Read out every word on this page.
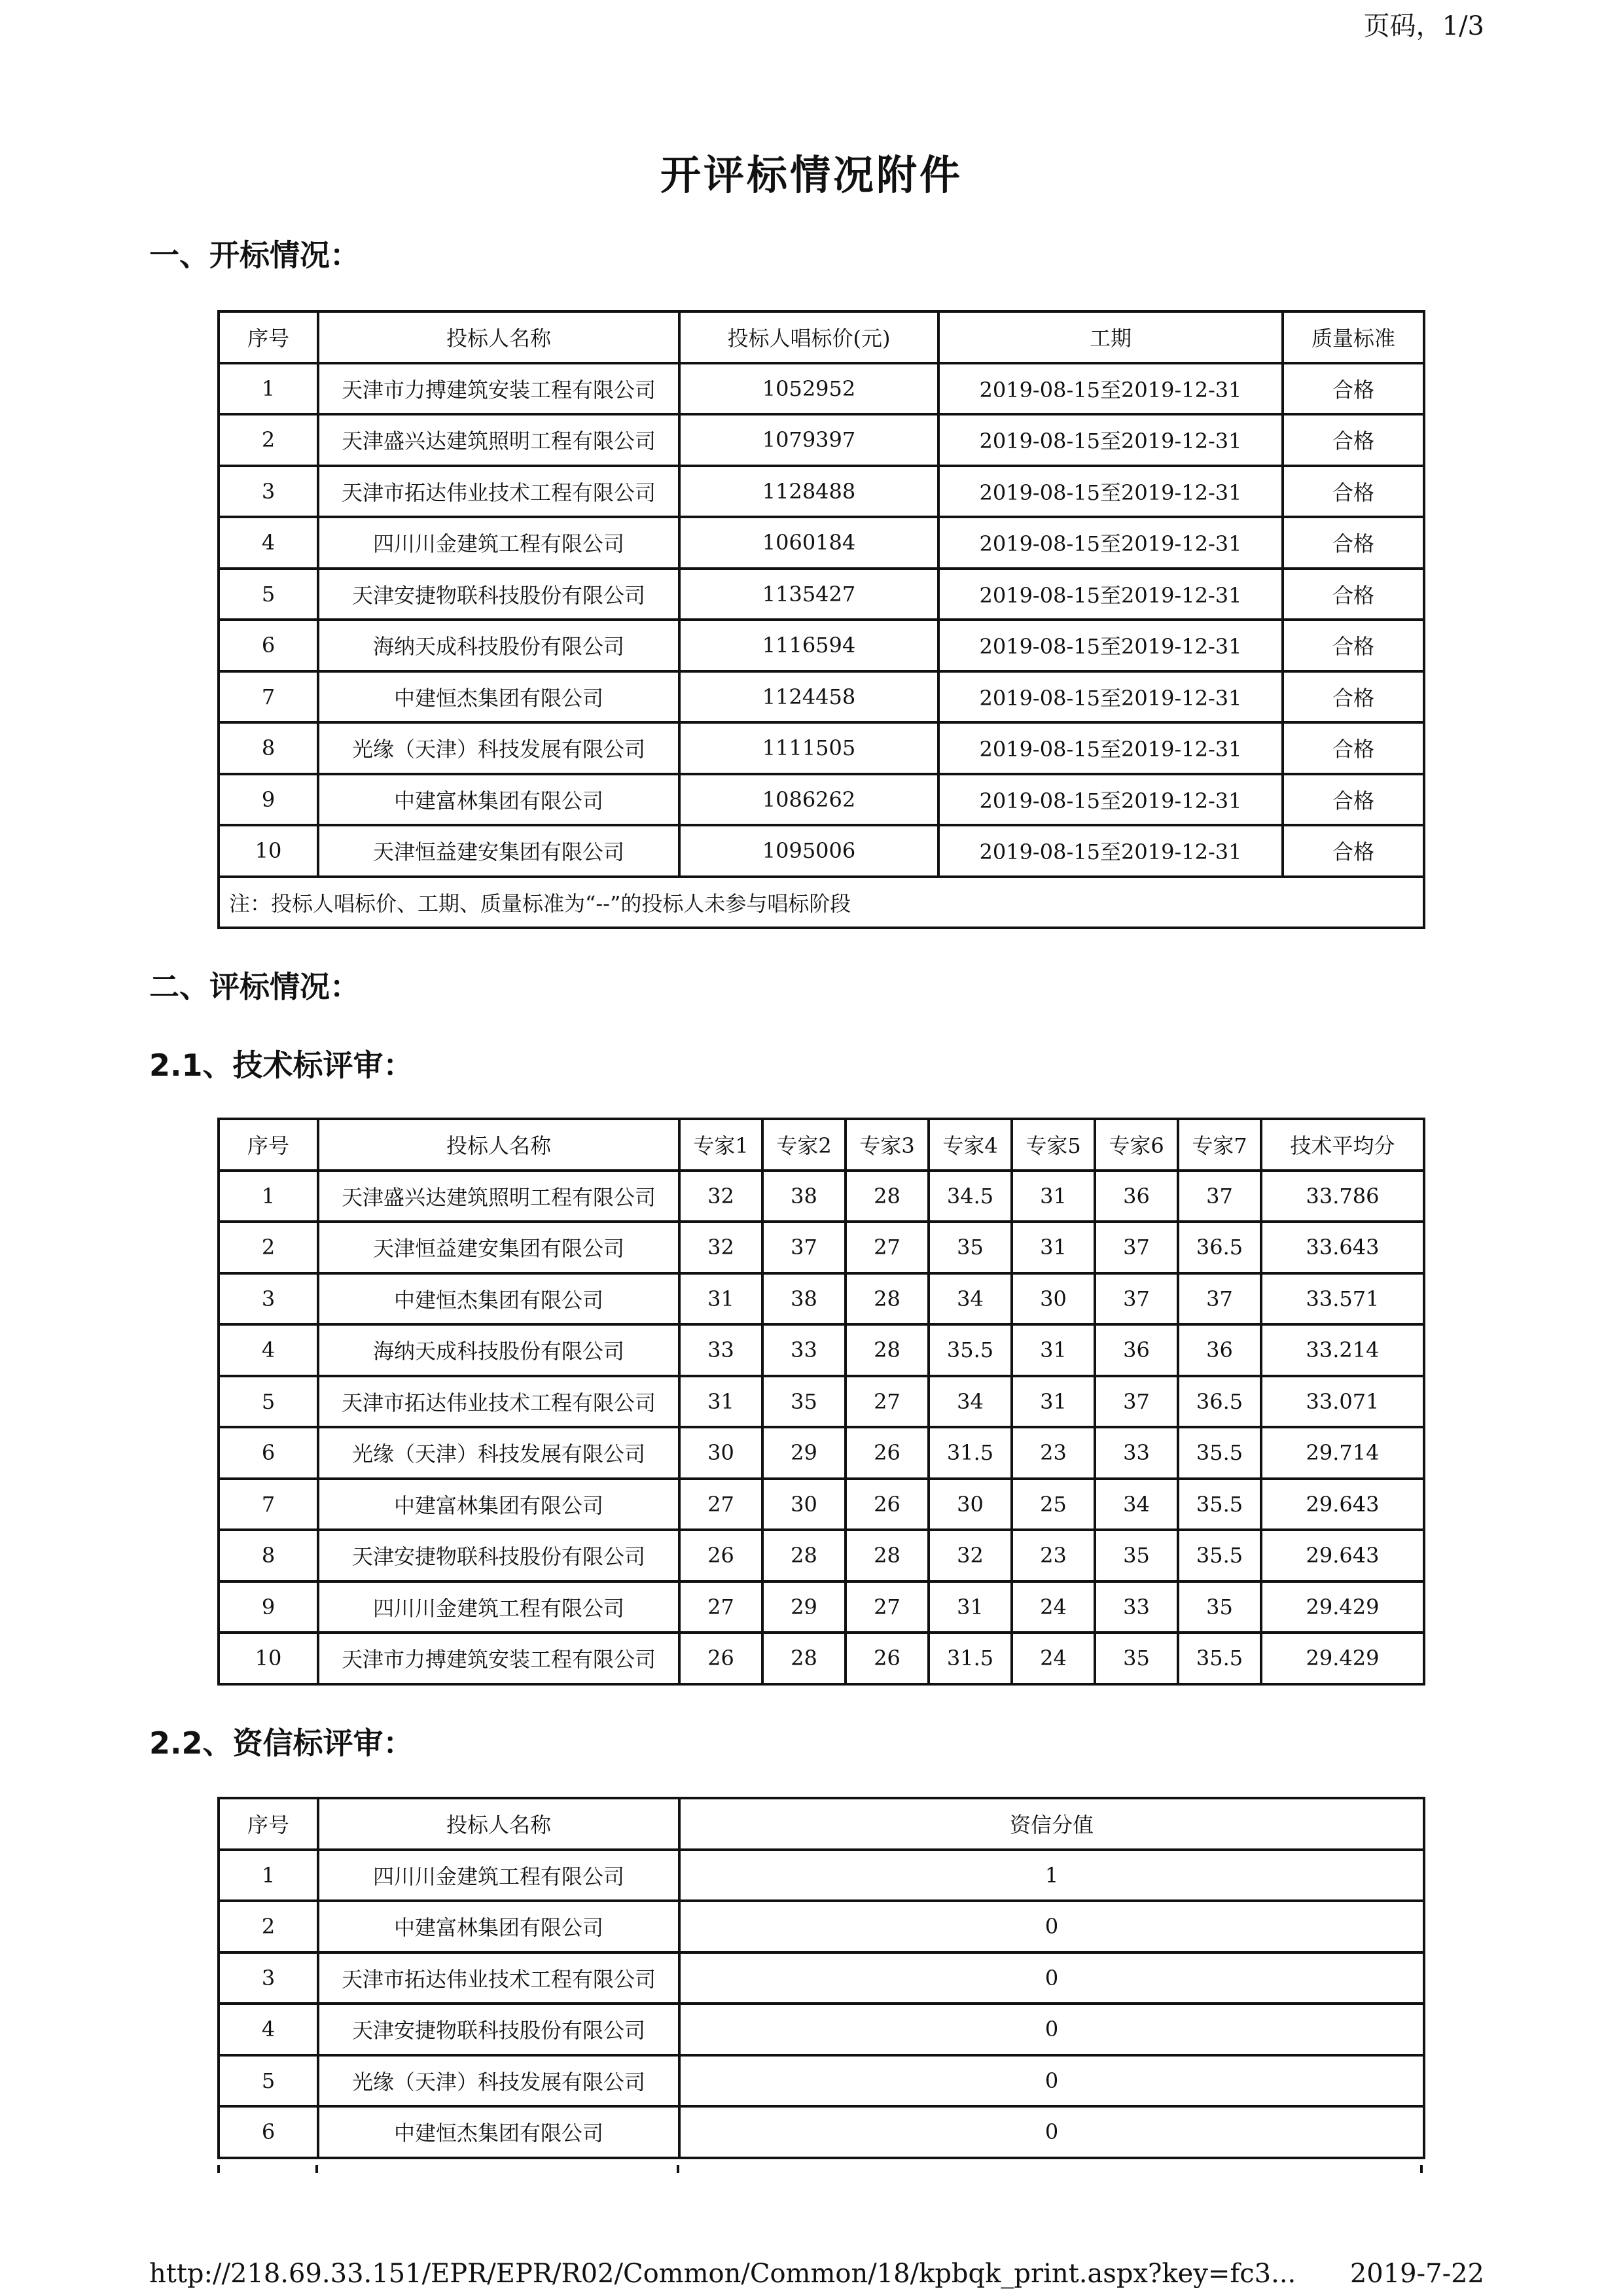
页码，1/3
开评标情况附件
一、开标情况：
序号	投标人名称	投标人唱标价(元)	工期	质量标准
1	天津市力搏建筑安装工程有限公司	1052952	2019-08-15至2019-12-31	合格
2	天津盛兴达建筑照明工程有限公司	1079397	2019-08-15至2019-12-31	合格
3	天津市拓达伟业技术工程有限公司	1128488	2019-08-15至2019-12-31	合格
4	四川川金建筑工程有限公司	1060184	2019-08-15至2019-12-31	合格
5	天津安捷物联科技股份有限公司	1135427	2019-08-15至2019-12-31	合格
6	海纳天成科技股份有限公司	1116594	2019-08-15至2019-12-31	合格
7	中建恒杰集团有限公司	1124458	2019-08-15至2019-12-31	合格
8	光缘（天津）科技发展有限公司	1111505	2019-08-15至2019-12-31	合格
9	中建富林集团有限公司	1086262	2019-08-15至2019-12-31	合格
10	天津恒益建安集团有限公司	1095006	2019-08-15至2019-12-31	合格
注：投标人唱标价、工期、质量标准为“--”的投标人未参与唱标阶段				
二、评标情况：
2.1、技术标评审：
序号	投标人名称	专家1	专家2	专家3	专家4	专家5	专家6	专家7	技术平均分
1	天津盛兴达建筑照明工程有限公司	32	38	28	34.5	31	36	37	33.786
2	天津恒益建安集团有限公司	32	37	27	35	31	37	36.5	33.643
3	中建恒杰集团有限公司	31	38	28	34	30	37	37	33.571
4	海纳天成科技股份有限公司	33	33	28	35.5	31	36	36	33.214
5	天津市拓达伟业技术工程有限公司	31	35	27	34	31	37	36.5	33.071
6	光缘（天津）科技发展有限公司	30	29	26	31.5	23	33	35.5	29.714
7	中建富林集团有限公司	27	30	26	30	25	34	35.5	29.643
8	天津安捷物联科技股份有限公司	26	28	28	32	23	35	35.5	29.643
9	四川川金建筑工程有限公司	27	29	27	31	24	33	35	29.429
10	天津市力搏建筑安装工程有限公司	26	28	26	31.5	24	35	35.5	29.429
2.2、资信标评审：
序号	投标人名称	资信分值
1	四川川金建筑工程有限公司	1
2	中建富林集团有限公司	0
3	天津市拓达伟业技术工程有限公司	0
4	天津安捷物联科技股份有限公司	0
5	光缘（天津）科技发展有限公司	0
6	中建恒杰集团有限公司	0
http://218.69.33.151/EPR/EPR/R02/Common/Common/18/kpbqk_print.aspx?key=fc3... 2019-7-22
